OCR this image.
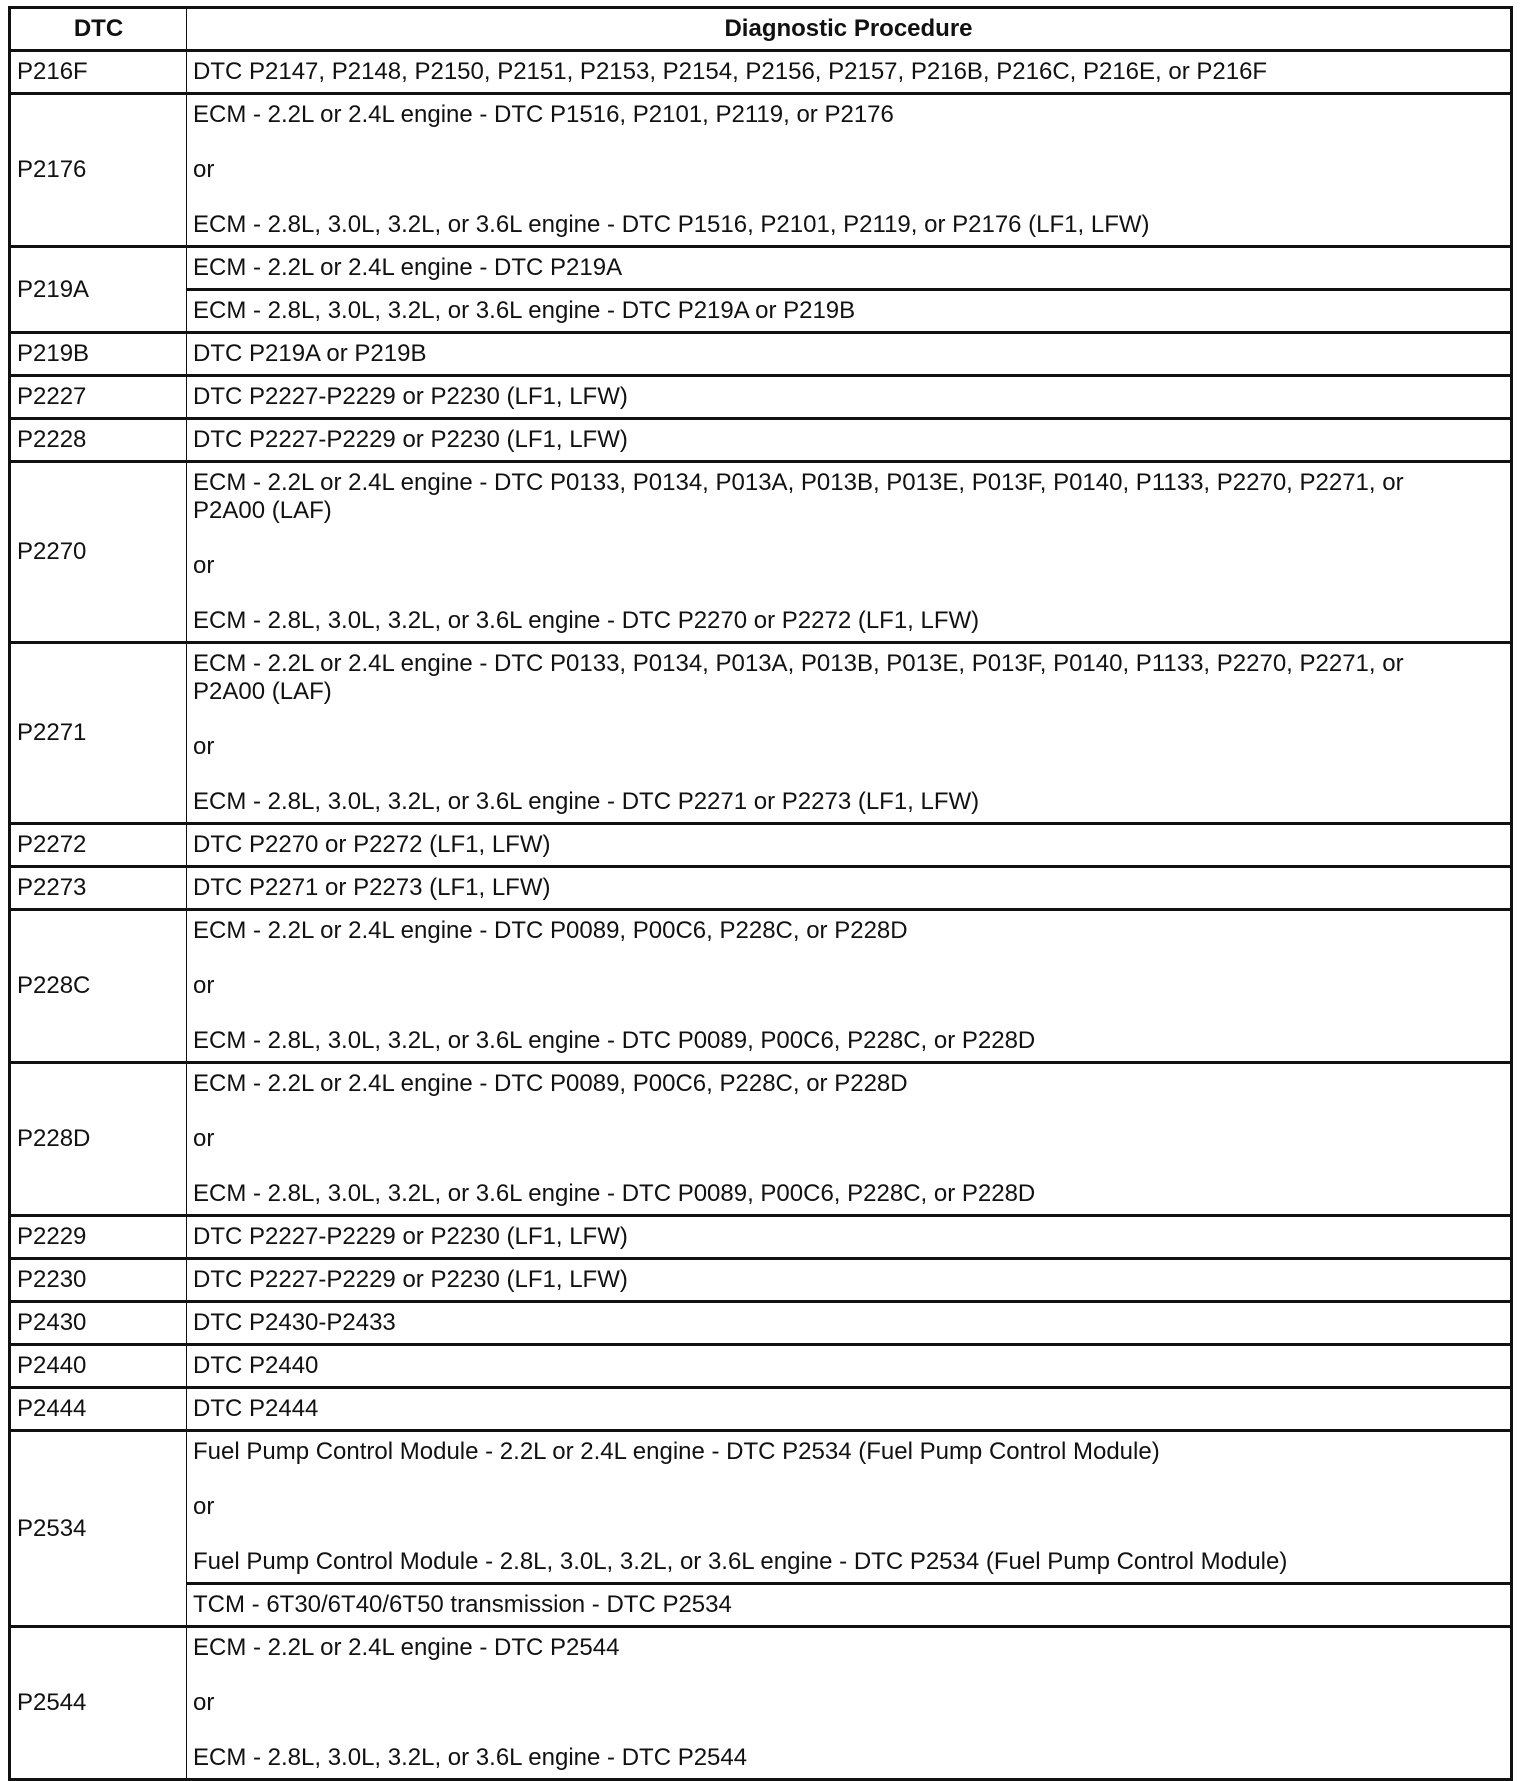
DTC	Diagnostic Procedure
P216F	DTC P2147, P2148, P2150, P2151, P2153, P2154, P2156, P2157, P216B, P216C, P216E, or P216F

P2176	ECM - 2.2L or 2.4L engine - DTC P1516, P2101, P2119, or P2176
or
ECM - 2.8L, 3.0L, 3.2L, or 3.6L engine - DTC P1516, P2101, P2119, or P2176 (LF1, LFW)

P219A	ECM - 2.2L or 2.4L engine - DTC P219A

	ECM - 2.8L, 3.0L, 3.2L, or 3.6L engine - DTC P219A or P219B

P219B	DTC P219A or P219B

P2227	DTC P2227-P2229 or P2230 (LF1, LFW)

P2228	DTC P2227-P2229 or P2230 (LF1, LFW)

P2270	ECM - 2.2L or 2.4L engine - DTC P0133, P0134, P013A, P013B, P013E, P013F, P0140, P1133, P2270, P2271, or
P2A00 (LAF)
or
ECM - 2.8L, 3.0L, 3.2L, or 3.6L engine - DTC P2270 or P2272 (LF1, LFW)

P2271	ECM - 2.2L or 2.4L engine - DTC P0133, P0134, P013A, P013B, P013E, P013F, P0140, P1133, P2270, P2271, or
P2A00 (LAF)
or
ECM - 2.8L, 3.0L, 3.2L, or 3.6L engine - DTC P2271 or P2273 (LF1, LFW)

P2272	DTC P2270 or P2272 (LF1, LFW)

P2273	DTC P2271 or P2273 (LF1, LFW)

P228C	ECM - 2.2L or 2.4L engine - DTC P0089, P00C6, P228C, or P228D
or
ECM - 2.8L, 3.0L, 3.2L, or 3.6L engine - DTC P0089, P00C6, P228C, or P228D

P228D	ECM - 2.2L or 2.4L engine - DTC P0089, P00C6, P228C, or P228D
or
ECM - 2.8L, 3.0L, 3.2L, or 3.6L engine - DTC P0089, P00C6, P228C, or P228D

P2229	DTC P2227-P2229 or P2230 (LF1, LFW)

P2230	DTC P2227-P2229 or P2230 (LF1, LFW)

P2430	DTC P2430-P2433

P2440	DTC P2440

P2444	DTC P2444

P2534	Fuel Pump Control Module - 2.2L or 2.4L engine - DTC P2534 (Fuel Pump Control Module)
or
Fuel Pump Control Module - 2.8L, 3.0L, 3.2L, or 3.6L engine - DTC P2534 (Fuel Pump Control Module)

	TCM - 6T30/6T40/6T50 transmission - DTC P2534

P2544	ECM - 2.2L or 2.4L engine - DTC P2544
or
ECM - 2.8L, 3.0L, 3.2L, or 3.6L engine - DTC P2544
